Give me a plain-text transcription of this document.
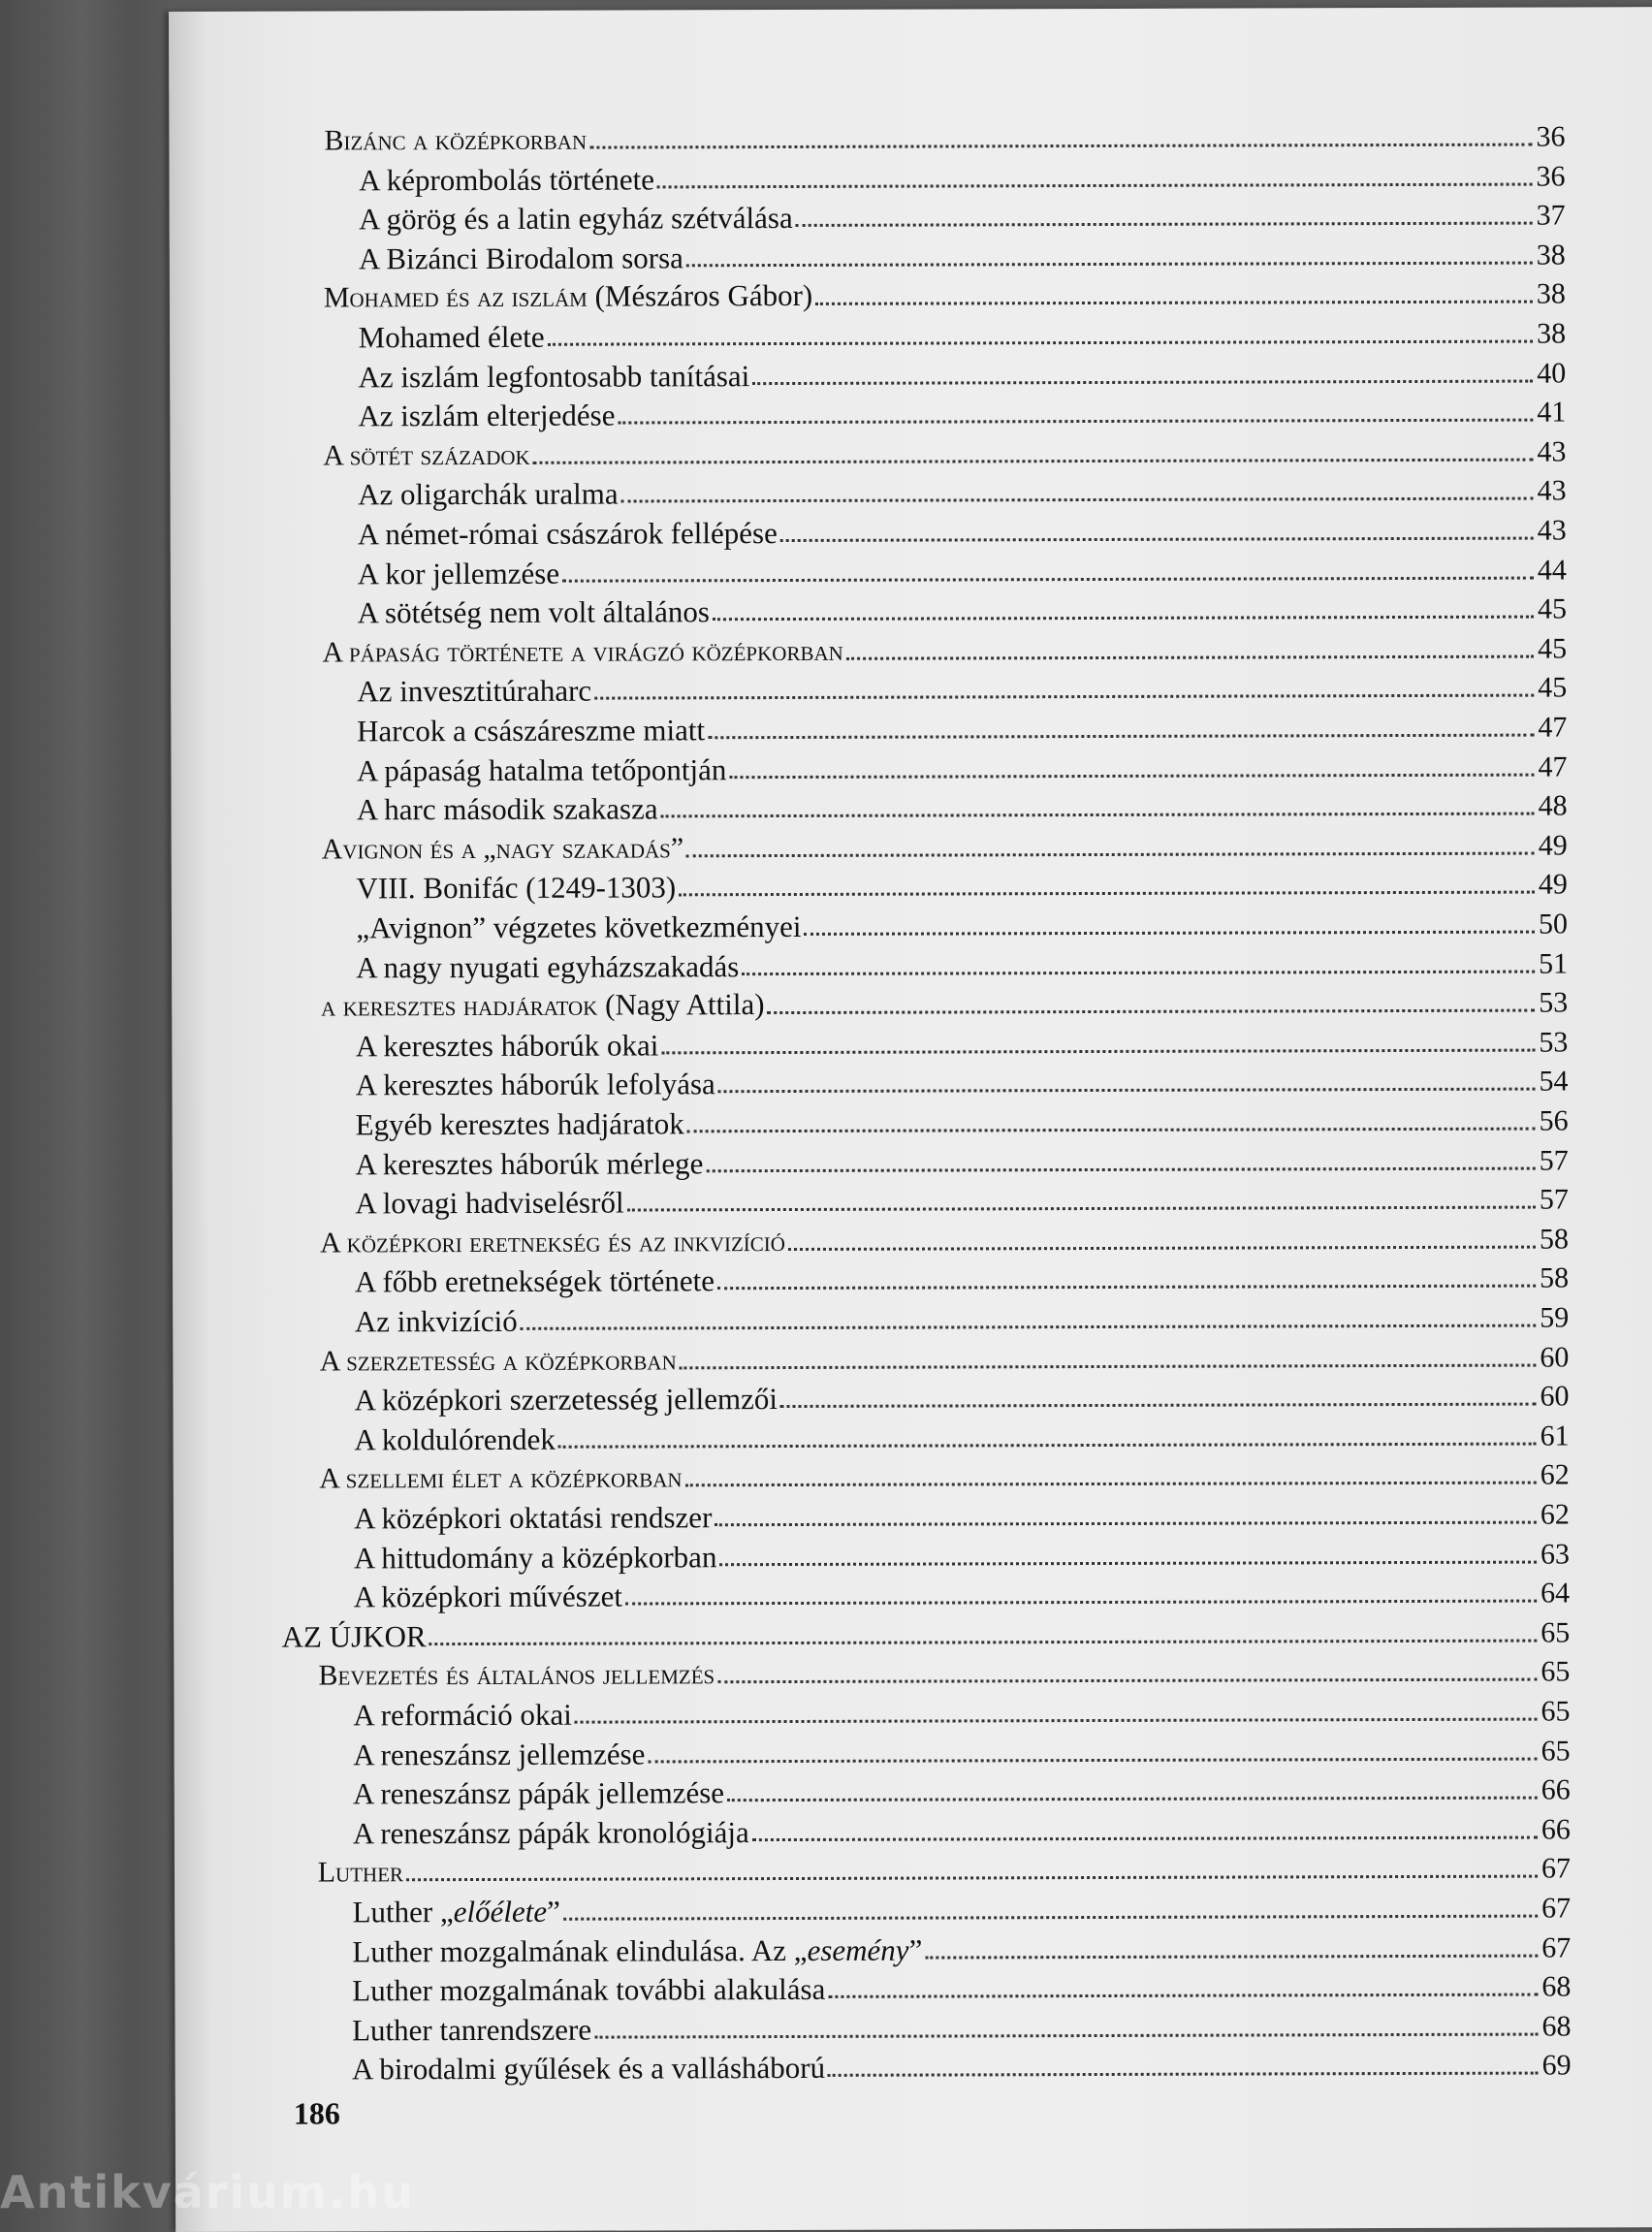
Bizánc a középkorban	36
A képrombolás története	36
A görög és a latin egyház szétválása	37
A Bizánci Birodalom sorsa	38
Mohamed és az iszlám (Mészáros Gábor)	38
Mohamed élete	38
Az iszlám legfontosabb tanításai	40
Az iszlám elterjedése	41
A sötét századok	43
Az oligarchák uralma	43
A német-római császárok fellépése	43
A kor jellemzése	44
A sötétség nem volt általános	45
A pápaság története a virágzó középkorban	45
Az invesztitúraharc	45
Harcok a császáreszme miatt	47
A pápaság hatalma tetőpontján	47
A harc második szakasza	48
Avignon és a „nagy szakadás”	49
VIII. Bonifác (1249-1303)	49
„Avignon” végzetes következményei	50
A nagy nyugati egyházszakadás	51
a keresztes hadjáratok (Nagy Attila)	53
A keresztes háborúk okai	53
A keresztes háborúk lefolyása	54
Egyéb keresztes hadjáratok	56
A keresztes háborúk mérlege	57
A lovagi hadviselésről	57
A középkori eretnekség és az inkvizíció	58
A főbb eretnekségek története	58
Az inkvizíció	59
A szerzetesség a középkorban	60
A középkori szerzetesség jellemzői	60
A koldulórendek	61
A szellemi élet a középkorban	62
A középkori oktatási rendszer	62
A hittudomány a középkorban	63
A középkori művészet	64
AZ ÚJKOR	65
Bevezetés és általános jellemzés	65
A reformáció okai	65
A reneszánsz jellemzése	65
A reneszánsz pápák jellemzése	66
A reneszánsz pápák kronológiája	66
Luther	67
Luther „előélete”	67
Luther mozgalmának elindulása. Az „esemény”	67
Luther mozgalmának további alakulása	68
Luther tanrendszere	68
A birodalmi gyűlések és a vallásháború	69
186
Antikvárium.hu
